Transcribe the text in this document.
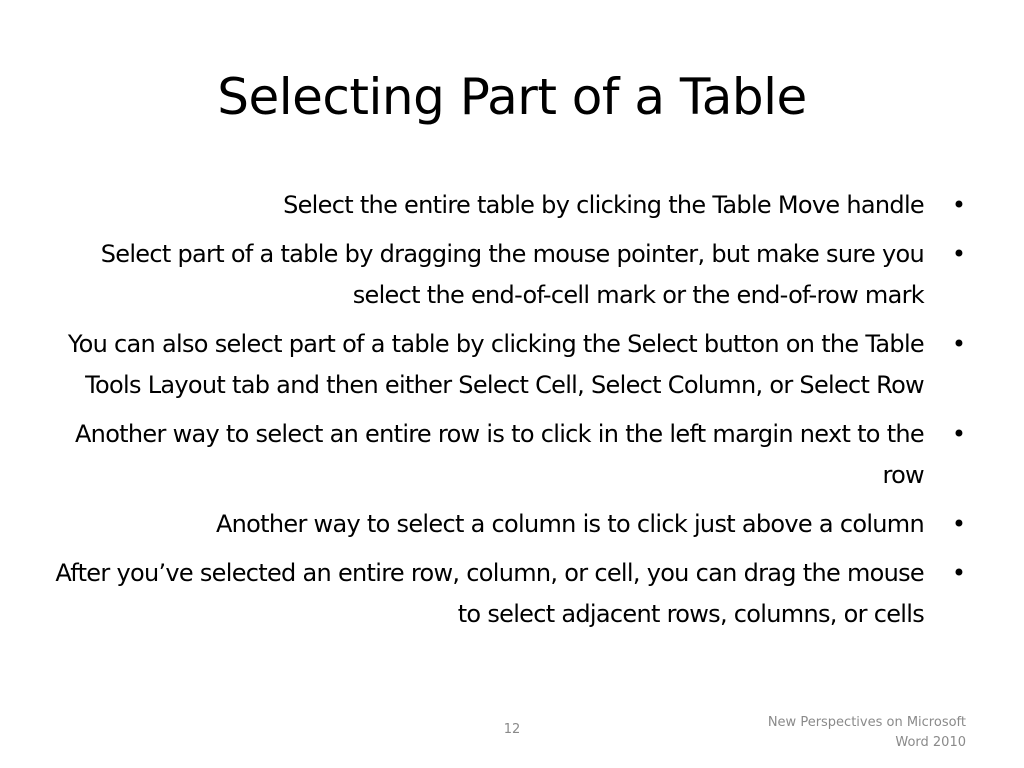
Selecting Part of a Table
Select the entire table by clicking the Table Move handle •
Select part of a table by dragging the mouse pointer, but make sure you select the end-of-cell mark or the end-of-row mark
•
You can also select part of a table by clicking the Select button on the Table Tools Layout tab and then either Select Cell, Select Column, or Select Row
•
Another way to select an entire row is to click in the left margin next to the row
•
Another way to select a column is to click just above a column •
After you’ve selected an entire row, column, or cell, you can drag the mouse to select adjacent rows, columns, or cells
•
12	New Perspectives on Microsoft
Word 2010
